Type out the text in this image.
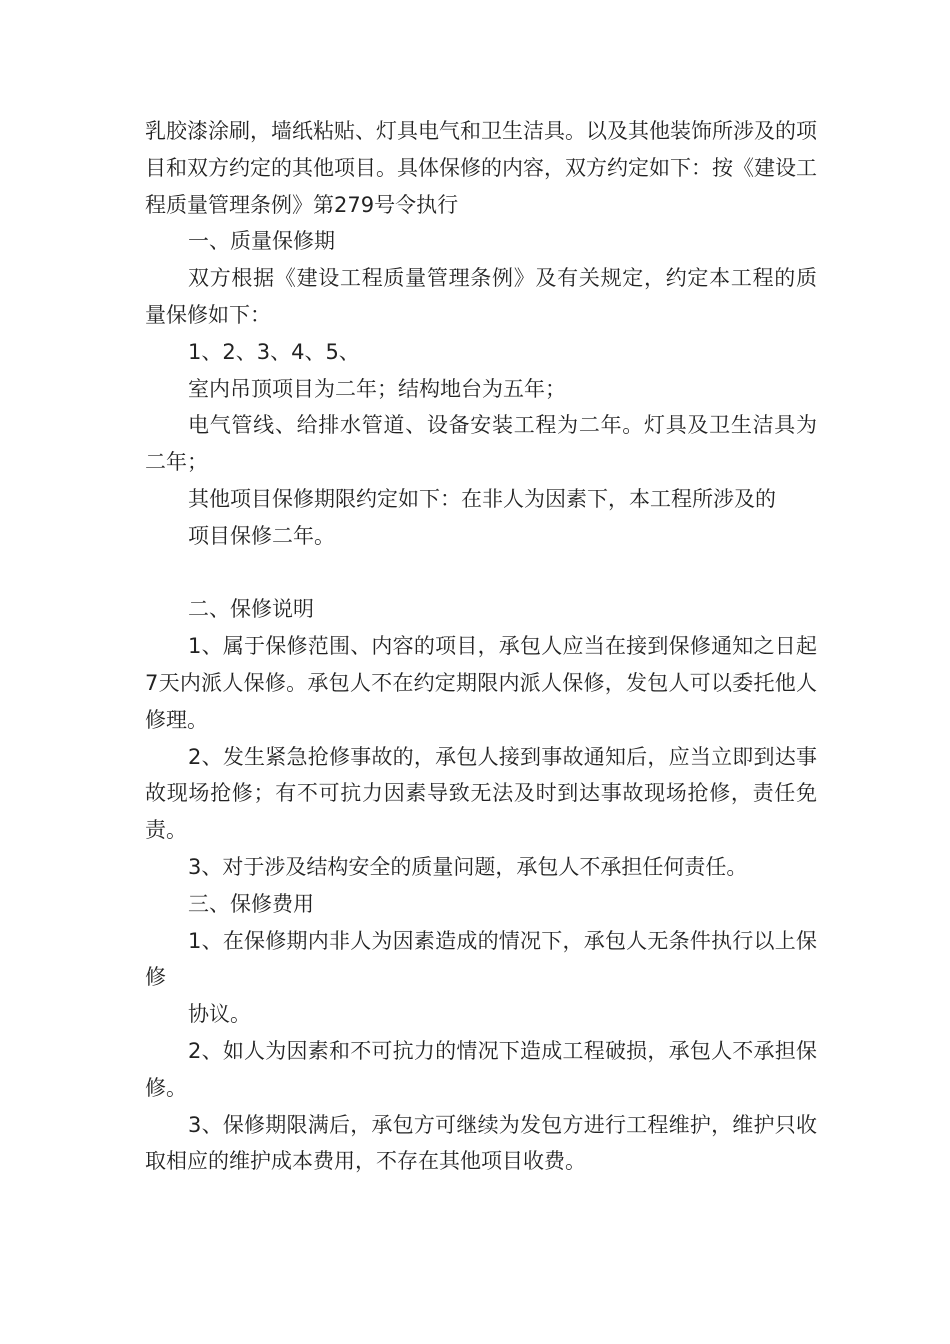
乳胶漆涂刷，墙纸粘贴、灯具电气和卫生洁具。以及其他装饰所涉及的项目和双方约定的其他项目。具体保修的内容，双方约定如下：按《建设工程质量管理条例》第279号令执行

一、质量保修期

双方根据《建设工程质量管理条例》及有关规定，约定本工程的质量保修如下：

1、2、3、4、5、

室内吊顶项目为二年；结构地台为五年；

电气管线、给排水管道、设备安装工程为二年。灯具及卫生洁具为二年；

其他项目保修期限约定如下：在非人为因素下，本工程所涉及的

项目保修二年。

二、保修说明

1、属于保修范围、内容的项目，承包人应当在接到保修通知之日起7天内派人保修。承包人不在约定期限内派人保修，发包人可以委托他人修理。

2、发生紧急抢修事故的，承包人接到事故通知后，应当立即到达事故现场抢修；有不可抗力因素导致无法及时到达事故现场抢修，责任免责。

3、对于涉及结构安全的质量问题，承包人不承担任何责任。

三、保修费用

1、在保修期内非人为因素造成的情况下，承包人无条件执行以上保修

协议。

2、如人为因素和不可抗力的情况下造成工程破损，承包人不承担保修。

3、保修期限满后，承包方可继续为发包方进行工程维护，维护只收取相应的维护成本费用，不存在其他项目收费。
